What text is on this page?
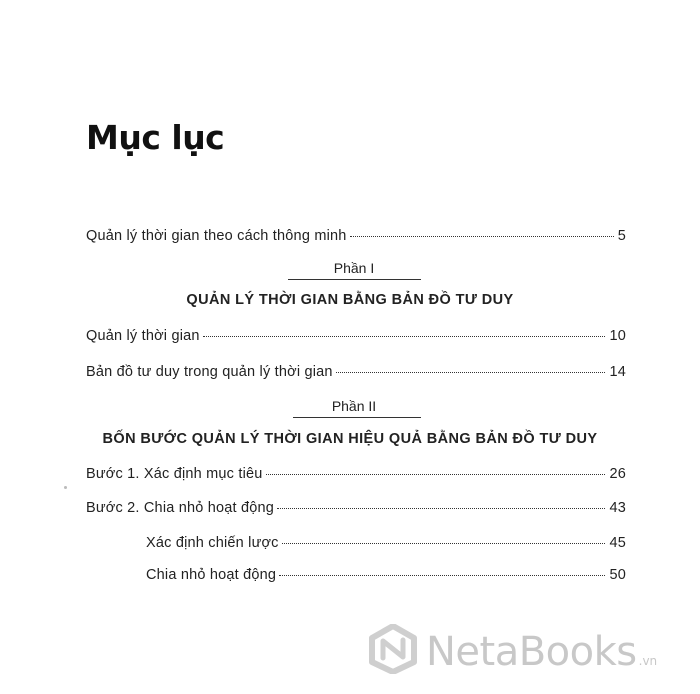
Mục lục
Quản lý thời gian theo cách thông minh	5
Phần I
QUẢN LÝ THỜI GIAN BẰNG BẢN ĐỒ TƯ DUY
Quản lý thời gian	10
Bản đồ tư duy trong quản lý thời gian	14
Phần II
BỐN BƯỚC QUẢN LÝ THỜI GIAN HIỆU QUẢ BẰNG BẢN ĐỒ TƯ DUY
Bước 1. Xác định mục tiêu	26
Bước 2. Chia nhỏ hoạt động	43
Xác định chiến lược	45
Chia nhỏ hoạt động	50
NetaBooks .vn
